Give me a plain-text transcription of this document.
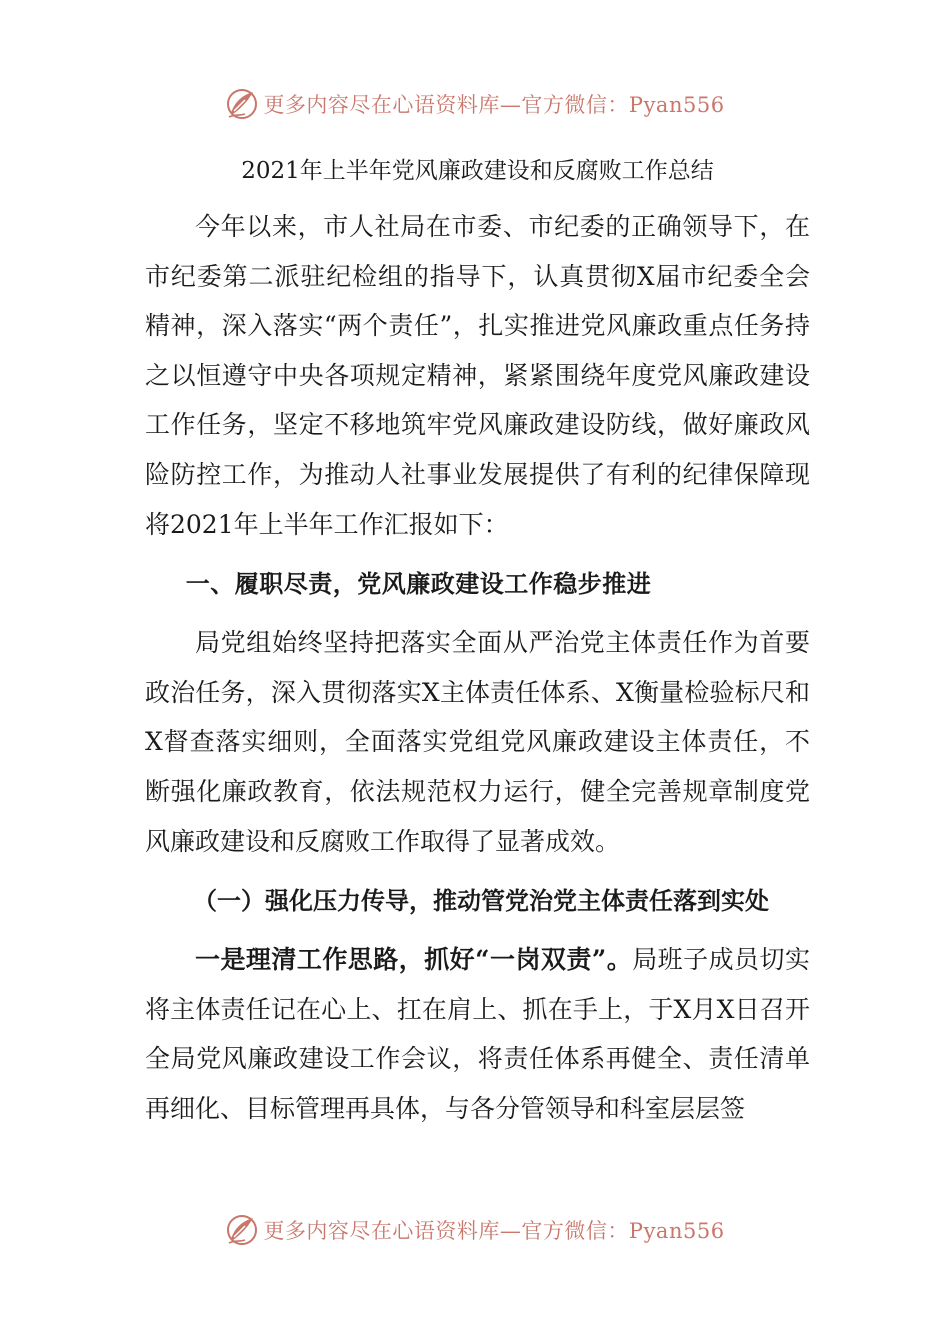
更多内容尽在心语资料库—官方微信：Pyan556
2021年上半年党风廉政建设和反腐败工作总结

今年以来，市人社局在市委、市纪委的正确领导下，在市纪委第二派驻纪检组的指导下，认真贯彻X届市纪委全会精神，深入落实“两个责任”，扎实推进党风廉政重点任务持之以恒遵守中央各项规定精神，紧紧围绕年度党风廉政建设工作任务，坚定不移地筑牢党风廉政建设防线，做好廉政风险防控工作，为推动人社事业发展提供了有利的纪律保障现将2021年上半年工作汇报如下：

一、履职尽责，党风廉政建设工作稳步推进

局党组始终坚持把落实全面从严治党主体责任作为首要政治任务，深入贯彻落实X主体责任体系、X衡量检验标尺和X督查落实细则，全面落实党组党风廉政建设主体责任，不断强化廉政教育，依法规范权力运行，健全完善规章制度党风廉政建设和反腐败工作取得了显著成效。

（一）强化压力传导，推动管党治党主体责任落到实处

一是理清工作思路，抓好“一岗双责”。局班子成员切实将主体责任记在心上、扛在肩上、抓在手上，于X月X日召开全局党风廉政建设工作会议，将责任体系再健全、责任清单再细化、目标管理再具体，与各分管领导和科室层层签

更多内容尽在心语资料库—官方微信：Pyan556
